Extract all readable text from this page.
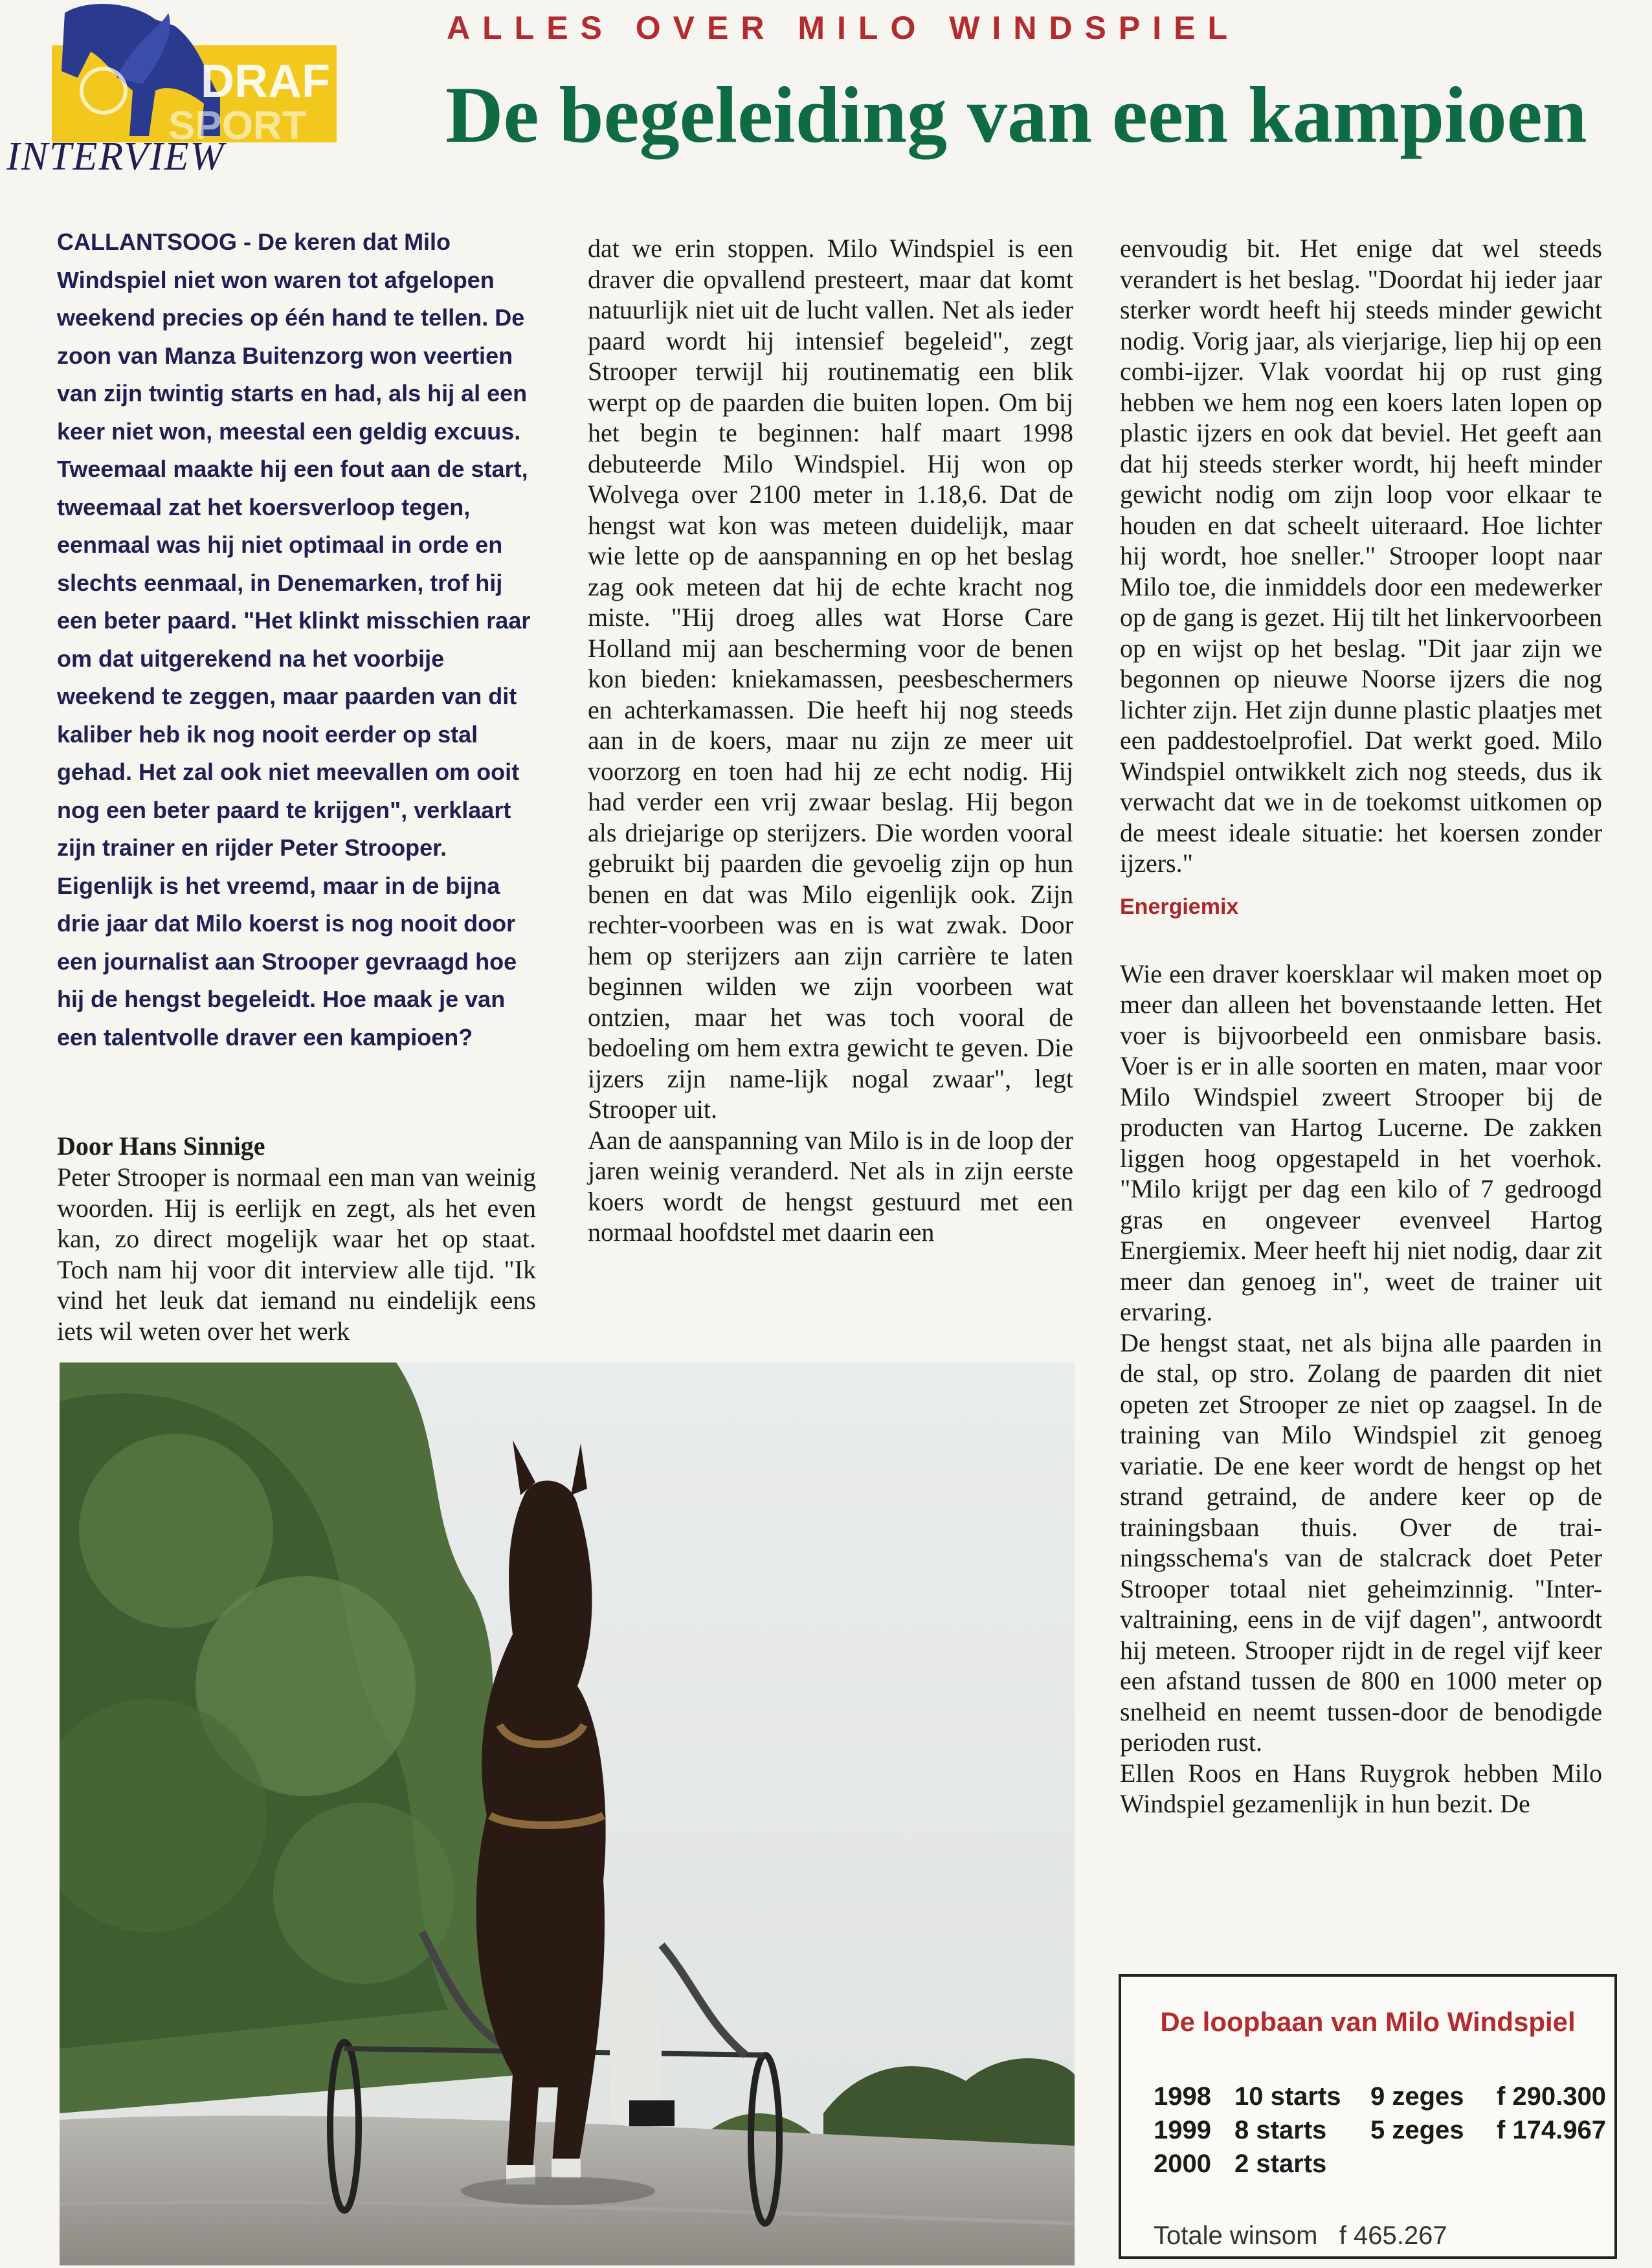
DRAF
SPORT
INTERVIEW
ALLES OVER MILO WINDSPIEL
De begeleiding van een kampioen

CALLANTSOOG - De keren dat Milo Windspiel niet won waren tot afgelopen weekend precies op één hand te tellen. De zoon van Manza Buitenzorg won veertien van zijn twintig starts en had, als hij al een keer niet won, meestal een geldig excuus. Tweemaal maakte hij een fout aan de start, tweemaal zat het koersverloop tegen, eenmaal was hij niet optimaal in orde en slechts eenmaal, in Denemarken, trof hij een beter paard. "Het klinkt misschien raar om dat uitgerekend na het voorbije weekend te zeggen, maar paarden van dit kaliber heb ik nog nooit eerder op stal gehad. Het zal ook niet meevallen om ooit nog een beter paard te krijgen", verklaart zijn trainer en rijder Peter Strooper. Eigenlijk is het vreemd, maar in de bijna drie jaar dat Milo koerst is nog nooit door een journalist aan Strooper gevraagd hoe hij de hengst begeleidt. Hoe maak je van een talentvolle draver een kampioen?

Door Hans Sinnige

Peter Strooper is normaal een man van weinig woorden. Hij is eerlijk en zegt, als het even kan, zo direct mogelijk waar het op staat. Toch nam hij voor dit interview alle tijd. "Ik vind het leuk dat iemand nu eindelijk eens iets wil weten over het werk

dat we erin stoppen. Milo Windspiel is een draver die opvallend presteert, maar dat komt natuurlijk niet uit de lucht vallen. Net als ieder paard wordt hij intensief begeleid", zegt Strooper terwijl hij routinematig een blik werpt op de paarden die buiten lopen. Om bij het begin te beginnen: half maart 1998 debuteerde Milo Windspiel. Hij won op Wolvega over 2100 meter in 1.18,6. Dat de hengst wat kon was meteen duidelijk, maar wie lette op de aanspanning en op het beslag zag ook meteen dat hij de echte kracht nog miste. "Hij droeg alles wat Horse Care Holland mij aan bescherming voor de benen kon bieden: kniekamassen, peesbeschermers en achterkamassen. Die heeft hij nog steeds aan in de koers, maar nu zijn ze meer uit voorzorg en toen had hij ze echt nodig. Hij had verder een vrij zwaar beslag. Hij begon als driejarige op sterijzers. Die worden vooral gebruikt bij paarden die gevoelig zijn op hun benen en dat was Milo eigenlijk ook. Zijn rechter-voorbeen was en is wat zwak. Door hem op sterijzers aan zijn carrière te laten beginnen wilden we zijn voorbeen wat ontzien, maar het was toch vooral de bedoeling om hem extra gewicht te geven. Die ijzers zijn name-lijk nogal zwaar", legt Strooper uit.

Aan de aanspanning van Milo is in de loop der jaren weinig veranderd. Net als in zijn eerste koers wordt de hengst gestuurd met een normaal hoofdstel met daarin een

eenvoudig bit. Het enige dat wel steeds verandert is het beslag. "Doordat hij ieder jaar sterker wordt heeft hij steeds minder gewicht nodig. Vorig jaar, als vierjarige, liep hij op een combi-ijzer. Vlak voordat hij op rust ging hebben we hem nog een koers laten lopen op plastic ijzers en ook dat beviel. Het geeft aan dat hij steeds sterker wordt, hij heeft minder gewicht nodig om zijn loop voor elkaar te houden en dat scheelt uiteraard. Hoe lichter hij wordt, hoe sneller." Strooper loopt naar Milo toe, die inmiddels door een medewerker op de gang is gezet. Hij tilt het linkervoorbeen op en wijst op het beslag. "Dit jaar zijn we begonnen op nieuwe Noorse ijzers die nog lichter zijn. Het zijn dunne plastic plaatjes met een paddestoelprofiel. Dat werkt goed. Milo Windspiel ontwikkelt zich nog steeds, dus ik verwacht dat we in de toekomst uitkomen op de meest ideale situatie: het koersen zonder ijzers."

Energiemix

Wie een draver koersklaar wil maken moet op meer dan alleen het bovenstaande letten. Het voer is bijvoorbeeld een onmisbare basis. Voer is er in alle soorten en maten, maar voor Milo Windspiel zweert Strooper bij de producten van Hartog Lucerne. De zakken liggen hoog opgestapeld in het voerhok. "Milo krijgt per dag een kilo of 7 gedroogd gras en ongeveer evenveel Hartog Energiemix. Meer heeft hij niet nodig, daar zit meer dan genoeg in", weet de trainer uit ervaring.

De hengst staat, net als bijna alle paarden in de stal, op stro. Zolang de paarden dit niet opeten zet Strooper ze niet op zaagsel. In de training van Milo Windspiel zit genoeg variatie. De ene keer wordt de hengst op het strand getraind, de andere keer op de trainingsbaan thuis. Over de trai-ningsschema's van de stalcrack doet Peter Strooper totaal niet geheimzinnig. "Inter-valtraining, eens in de vijf dagen", antwoordt hij meteen. Strooper rijdt in de regel vijf keer een afstand tussen de 800 en 1000 meter op snelheid en neemt tussen-door de benodigde perioden rust.

Ellen Roos en Hans Ruygrok hebben Milo Windspiel gezamenlijk in hun bezit. De

De loopbaan van Milo Windspiel
1998	10 starts	9 zeges	f 290.300
1999	8 starts	5 zeges	f 174.967
2000	2 starts		
Totale winsom f 465.267
